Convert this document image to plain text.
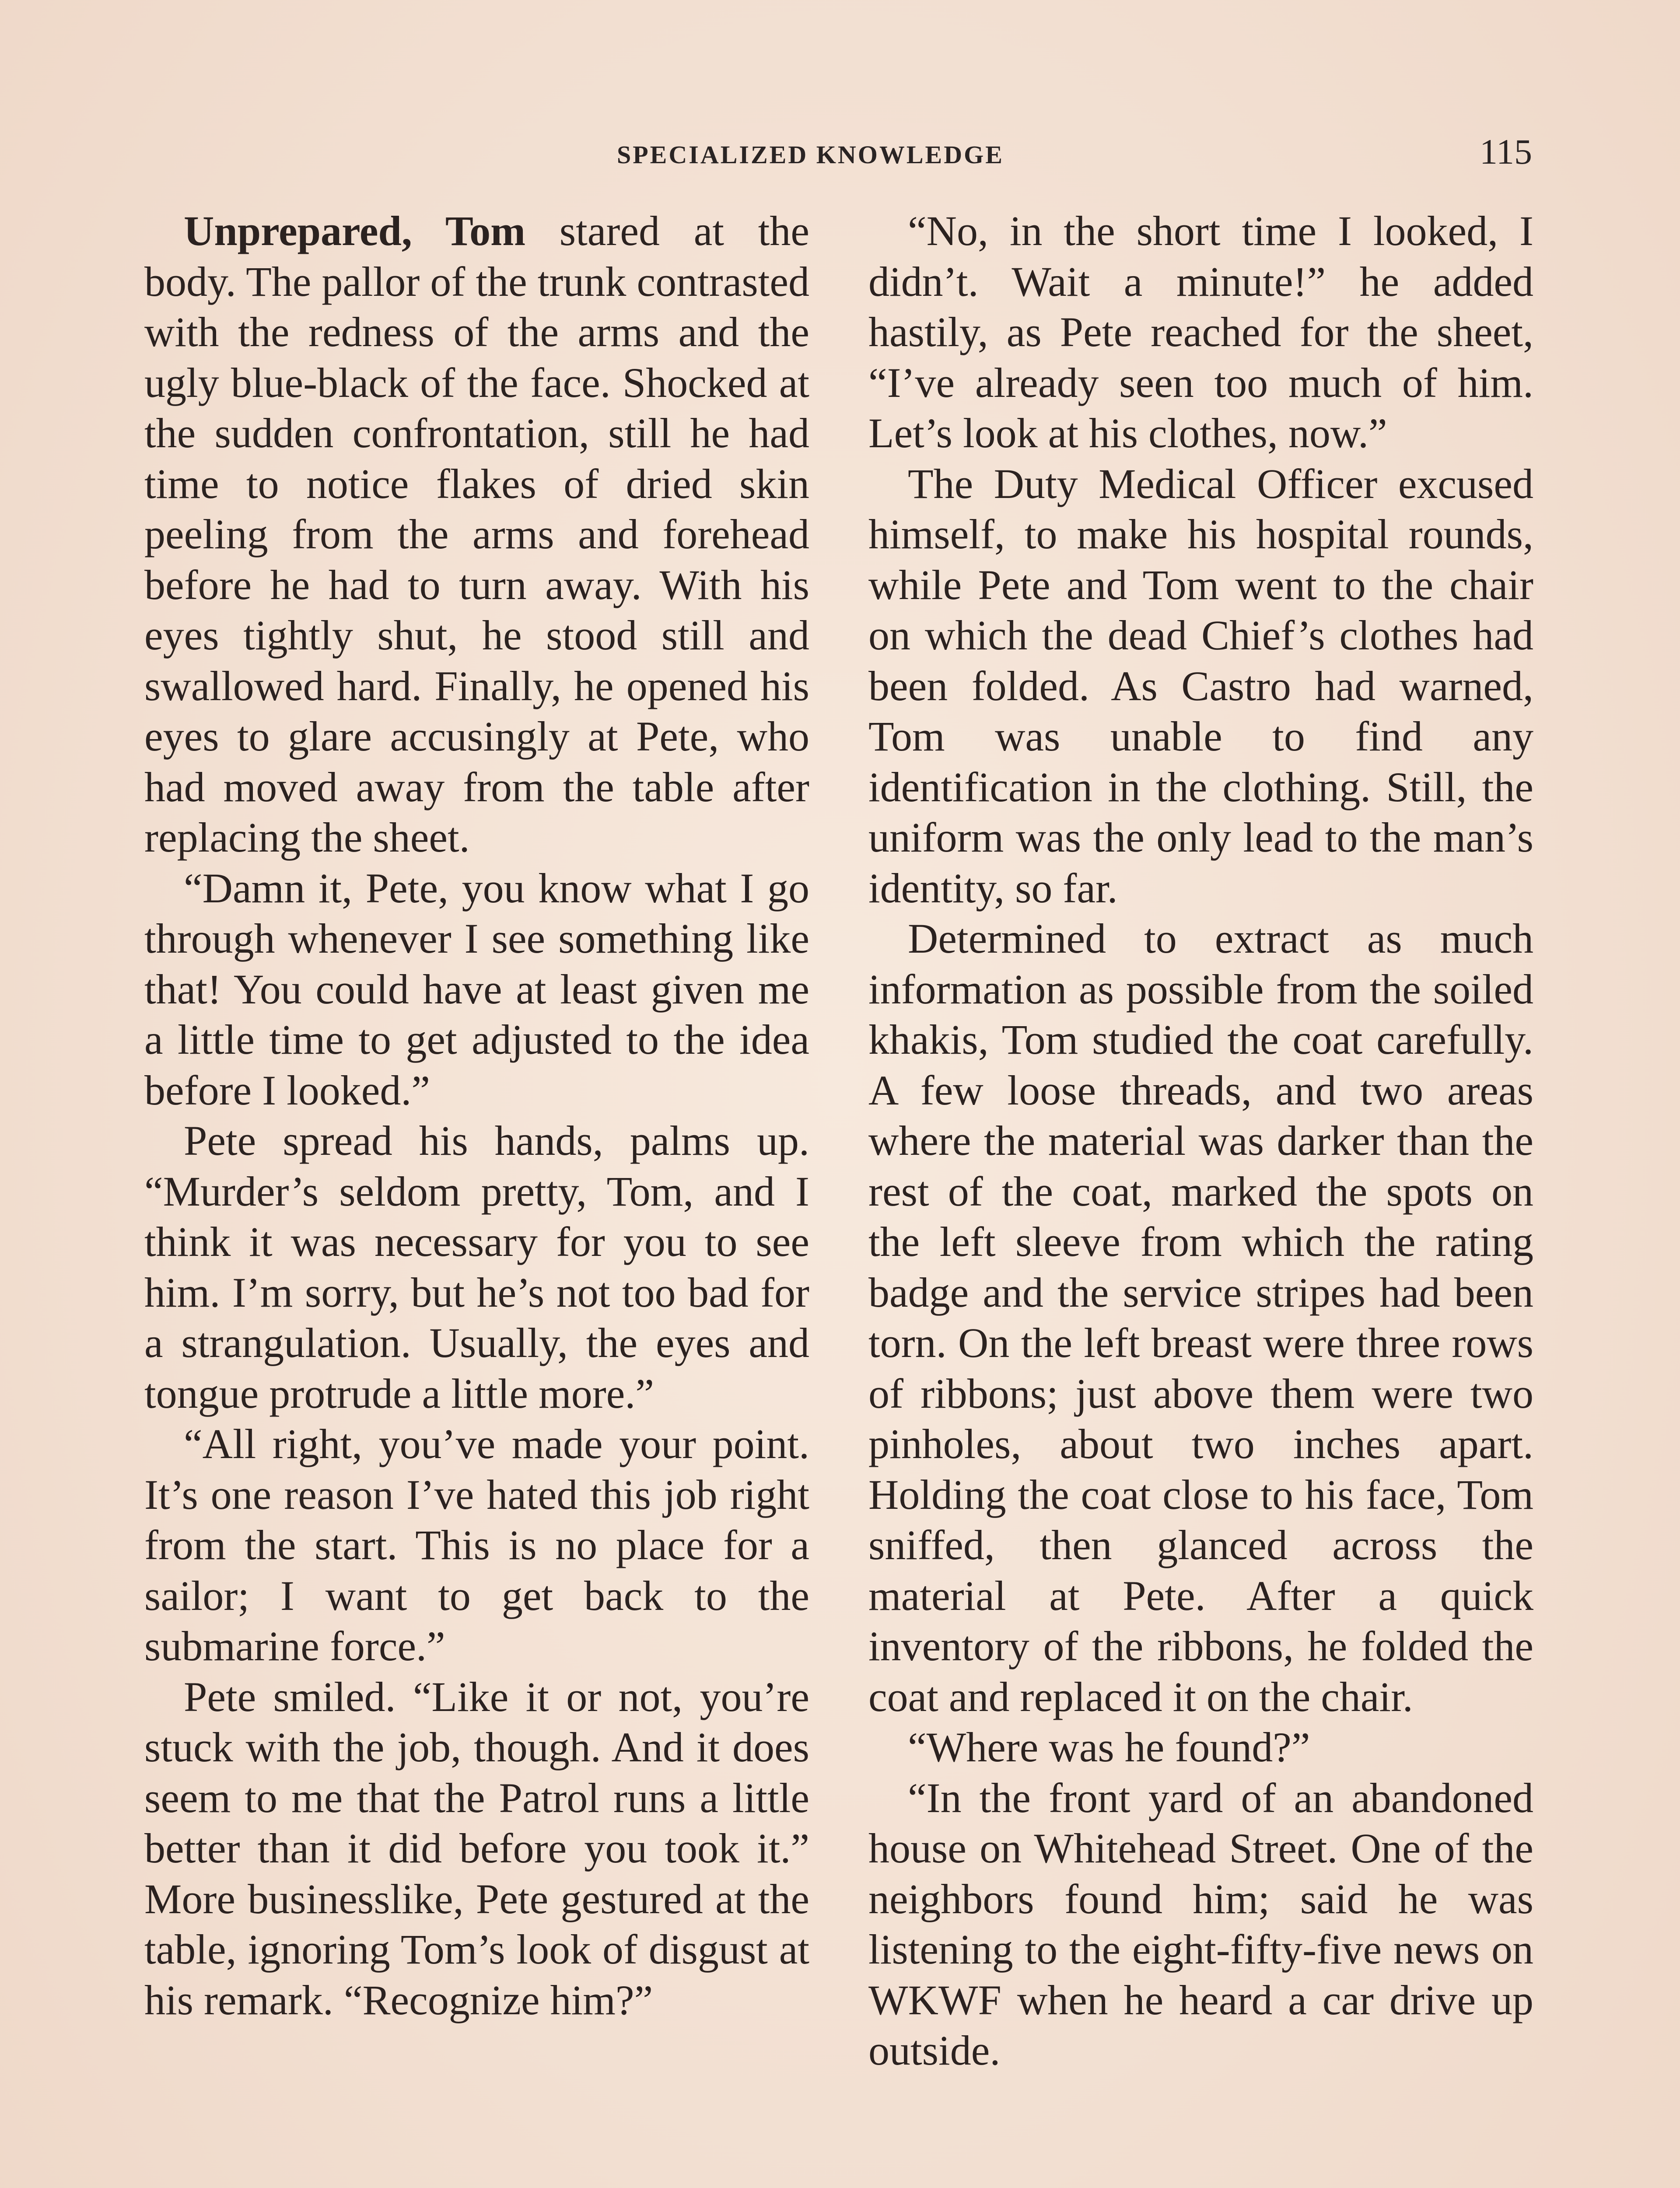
SPECIALIZED KNOWLEDGE	115

Unprepared, Tom stared at the body. The pallor of the trunk contrasted with the redness of the arms and the ugly blue-black of the face. Shocked at the sudden confrontation, still he had time to notice flakes of dried skin peeling from the arms and forehead before he had to turn away. With his eyes tightly shut, he stood still and swallowed hard. Finally, he opened his eyes to glare accusingly at Pete, who had moved away from the table after replacing the sheet.

“Damn it, Pete, you know what I go through whenever I see something like that! You could have at least given me a little time to get adjusted to the idea before I looked.”

Pete spread his hands, palms up. “Murder’s seldom pretty, Tom, and I think it was necessary for you to see him. I’m sorry, but he’s not too bad for a strangulation. Usually, the eyes and tongue protrude a little more.”

“All right, you’ve made your point. It’s one reason I’ve hated this job right from the start. This is no place for a sailor; I want to get back to the submarine force.”

Pete smiled. “Like it or not, you’re stuck with the job, though. And it does seem to me that the Patrol runs a little better than it did before you took it.” More businesslike, Pete gestured at the table, ignoring Tom’s look of disgust at his remark. “Recognize him?”

“No, in the short time I looked, I didn’t. Wait a minute!” he added hastily, as Pete reached for the sheet, “I’ve already seen too much of him. Let’s look at his clothes, now.”

The Duty Medical Officer excused himself, to make his hospital rounds, while Pete and Tom went to the chair on which the dead Chief’s clothes had been folded. As Castro had warned, Tom was unable to find any identification in the clothing. Still, the uniform was the only lead to the man’s identity, so far.

Determined to extract as much information as possible from the soiled khakis, Tom studied the coat carefully. A few loose threads, and two areas where the material was darker than the rest of the coat, marked the spots on the left sleeve from which the rating badge and the service stripes had been torn. On the left breast were three rows of ribbons; just above them were two pinholes, about two inches apart. Holding the coat close to his face, Tom sniffed, then glanced across the material at Pete. After a quick inventory of the ribbons, he folded the coat and replaced it on the chair.

“Where was he found?”

“In the front yard of an abandoned house on Whitehead Street. One of the neighbors found him; said he was listening to the eight-fifty-five news on WKWF when he heard a car drive up outside.
